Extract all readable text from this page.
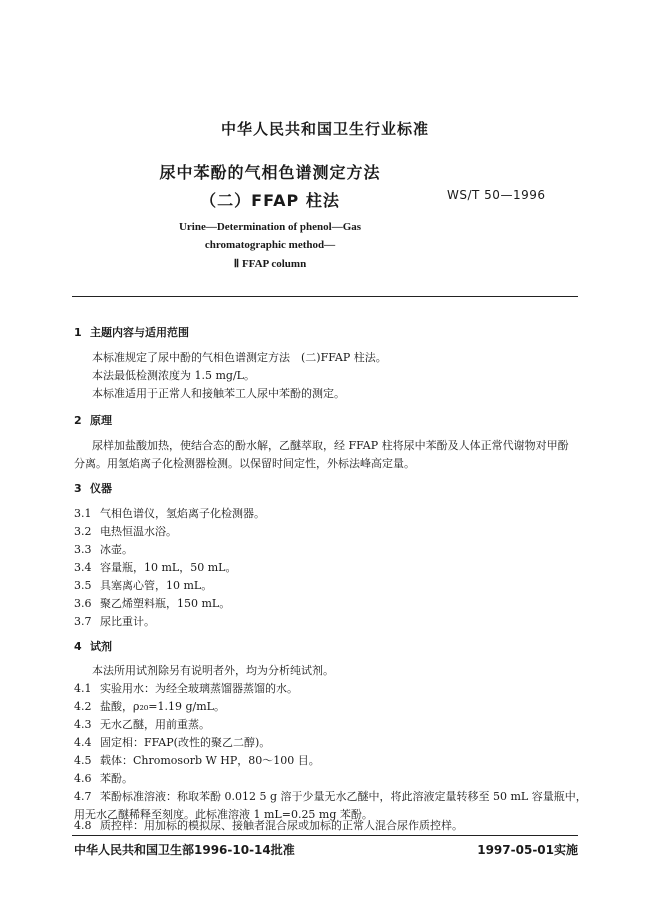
中华人民共和国卫生行业标准
尿中苯酚的气相色谱测定方法
（二）FFAP 柱法	WS/T 50—1996
Urine—Determination of phenol—Gas
chromatographic method—
Ⅱ FFAP column
1 主题内容与适用范围
本标准规定了尿中酚的气相色谱测定方法　(二)FFAP 柱法。
本法最低检测浓度为 1.5 mg/L。
本标准适用于正常人和接触苯工人尿中苯酚的测定。
2 原理
尿样加盐酸加热，使结合态的酚水解，乙醚萃取，经 FFAP 柱将尿中苯酚及人体正常代谢物对甲酚
分离。用氢焰离子化检测器检测。以保留时间定性，外标法峰高定量。
3 仪器
3.1 气相色谱仪，氢焰离子化检测器。
3.2 电热恒温水浴。
3.3 冰壶。
3.4 容量瓶，10 mL，50 mL。
3.5 具塞离心管，10 mL。
3.6 聚乙烯塑料瓶，150 mL。
3.7 尿比重计。
4 试剂
本法所用试剂除另有说明者外，均为分析纯试剂。
4.1 实验用水：为经全玻璃蒸馏器蒸馏的水。
4.2 盐酸，ρ₂₀=1.19 g/mL。
4.3 无水乙醚，用前重蒸。
4.4 固定相：FFAP(改性的聚乙二醇)。
4.5 载体：Chromosorb W HP，80～100 目。
4.6 苯酚。
4.7 苯酚标准溶液：称取苯酚 0.012 5 g 溶于少量无水乙醚中，将此溶液定量转移至 50 mL 容量瓶中，
用无水乙醚稀释至刻度。此标准溶液 1 mL=0.25 mg 苯酚。
4.8 质控样：用加标的模拟尿、接触者混合尿或加标的正常人混合尿作质控样。
中华人民共和国卫生部1996-10-14批准	1997-05-01实施
